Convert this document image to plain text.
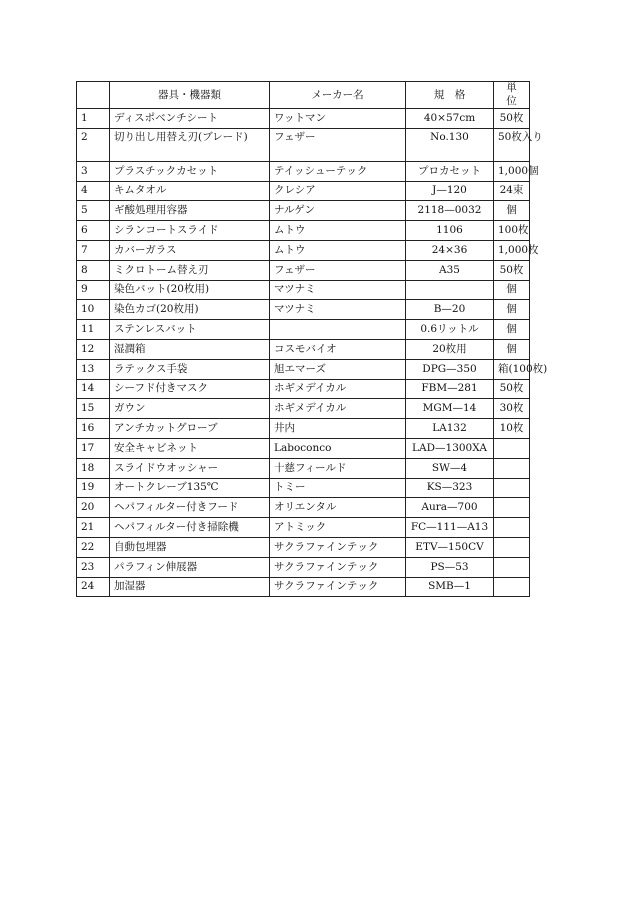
	器具・機器類	メーカー名	規　格	単　位
1	ディスポベンチシート	ワットマン	40×57cm	50枚
2	切り出し用替え刃(ブレード)	フェザー	No.130	50枚入り
3	プラスチックカセット	テイッシューテック	プロカセット	1,000個
4	キムタオル	クレシア	J—120	24束
5	ギ酸処理用容器	ナルゲン	2118—0032	個
6	シランコートスライド	ムトウ	1106	100枚
7	カバーガラス	ムトウ	24×36	1,000枚
8	ミクロトーム替え刃	フェザー	A35	50枚
9	染色バット(20枚用)	マツナミ		個
10	染色カゴ(20枚用)	マツナミ	B—20	個
11	ステンレスバット		0.6リットル	個
12	湿潤箱	コスモバイオ	20枚用	個
13	ラテックス手袋	旭エマーズ	DPG—350	箱(100枚)
14	シーフド付きマスク	ホギメデイカル	FBM—281	50枚
15	ガウン	ホギメデイカル	MGM—14	30枚
16	アンチカットグローブ	井内	LA132	10枚
17	安全キャビネット	Laboconco	LAD—1300XA	
18	スライドウオッシャー	十慈フィールド	SW—4	
19	オートクレーブ135℃	トミー	KS—323	
20	ヘパフィルター付きフード	オリエンタル	Aura—700	
21	ヘパフィルター付き掃除機	アトミック	FC—111—A13	
22	自動包埋器	サクラファインテック	ETV—150CV	
23	パラフィン伸展器	サクラファインテック	PS—53	
24	加湿器	サクラファインテック	SMB—1	
